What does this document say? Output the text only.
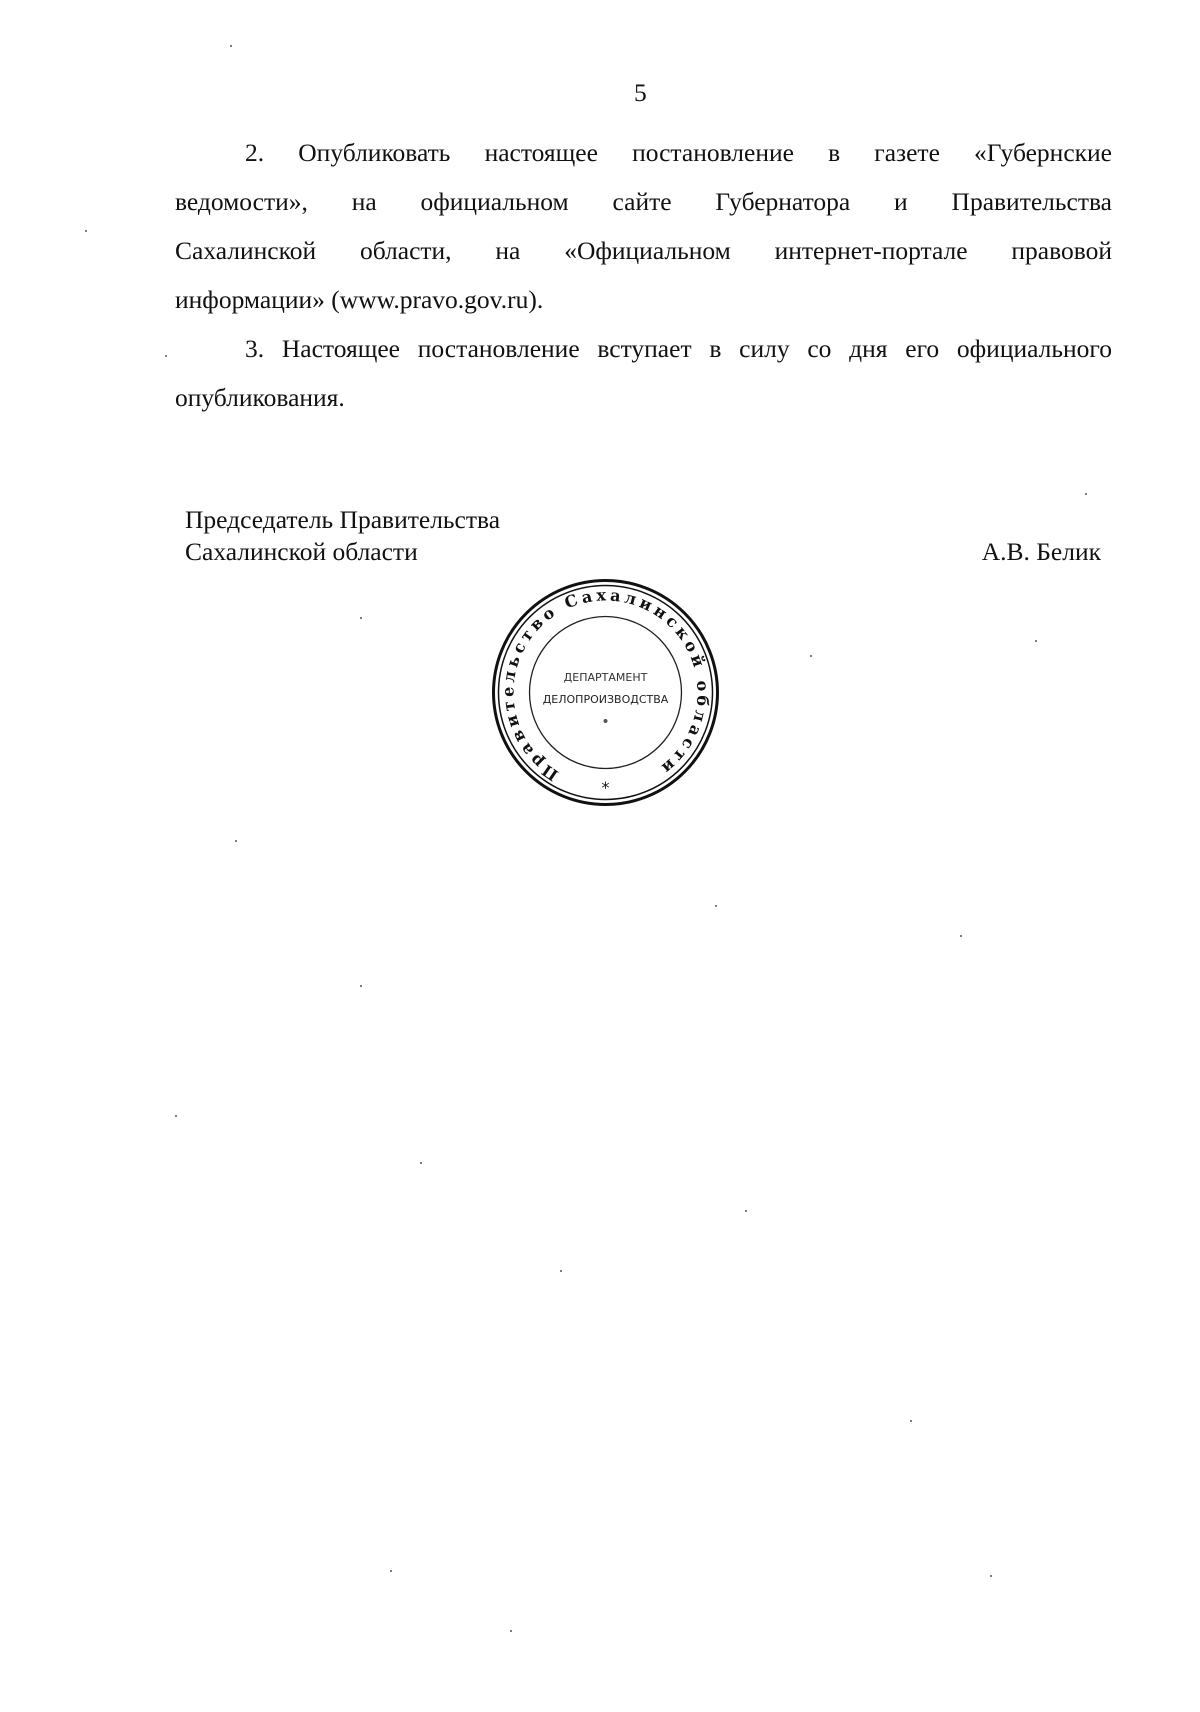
5
2. Опубликовать настоящее постановление в газете «Губернские
ведомости», на официальном сайте Губернатора и Правительства
Сахалинской области, на «Официальном интернет-портале правовой
информации» (www.pravo.gov.ru).
3. Настоящее постановление вступает в силу со дня его официального
опубликования.
Председатель Правительства
Сахалинской области	А.В. Белик
Правительство Сахалинской области
ДЕПАРТАМЕНТ
ДЕЛОПРОИЗВОДСТВА
*
